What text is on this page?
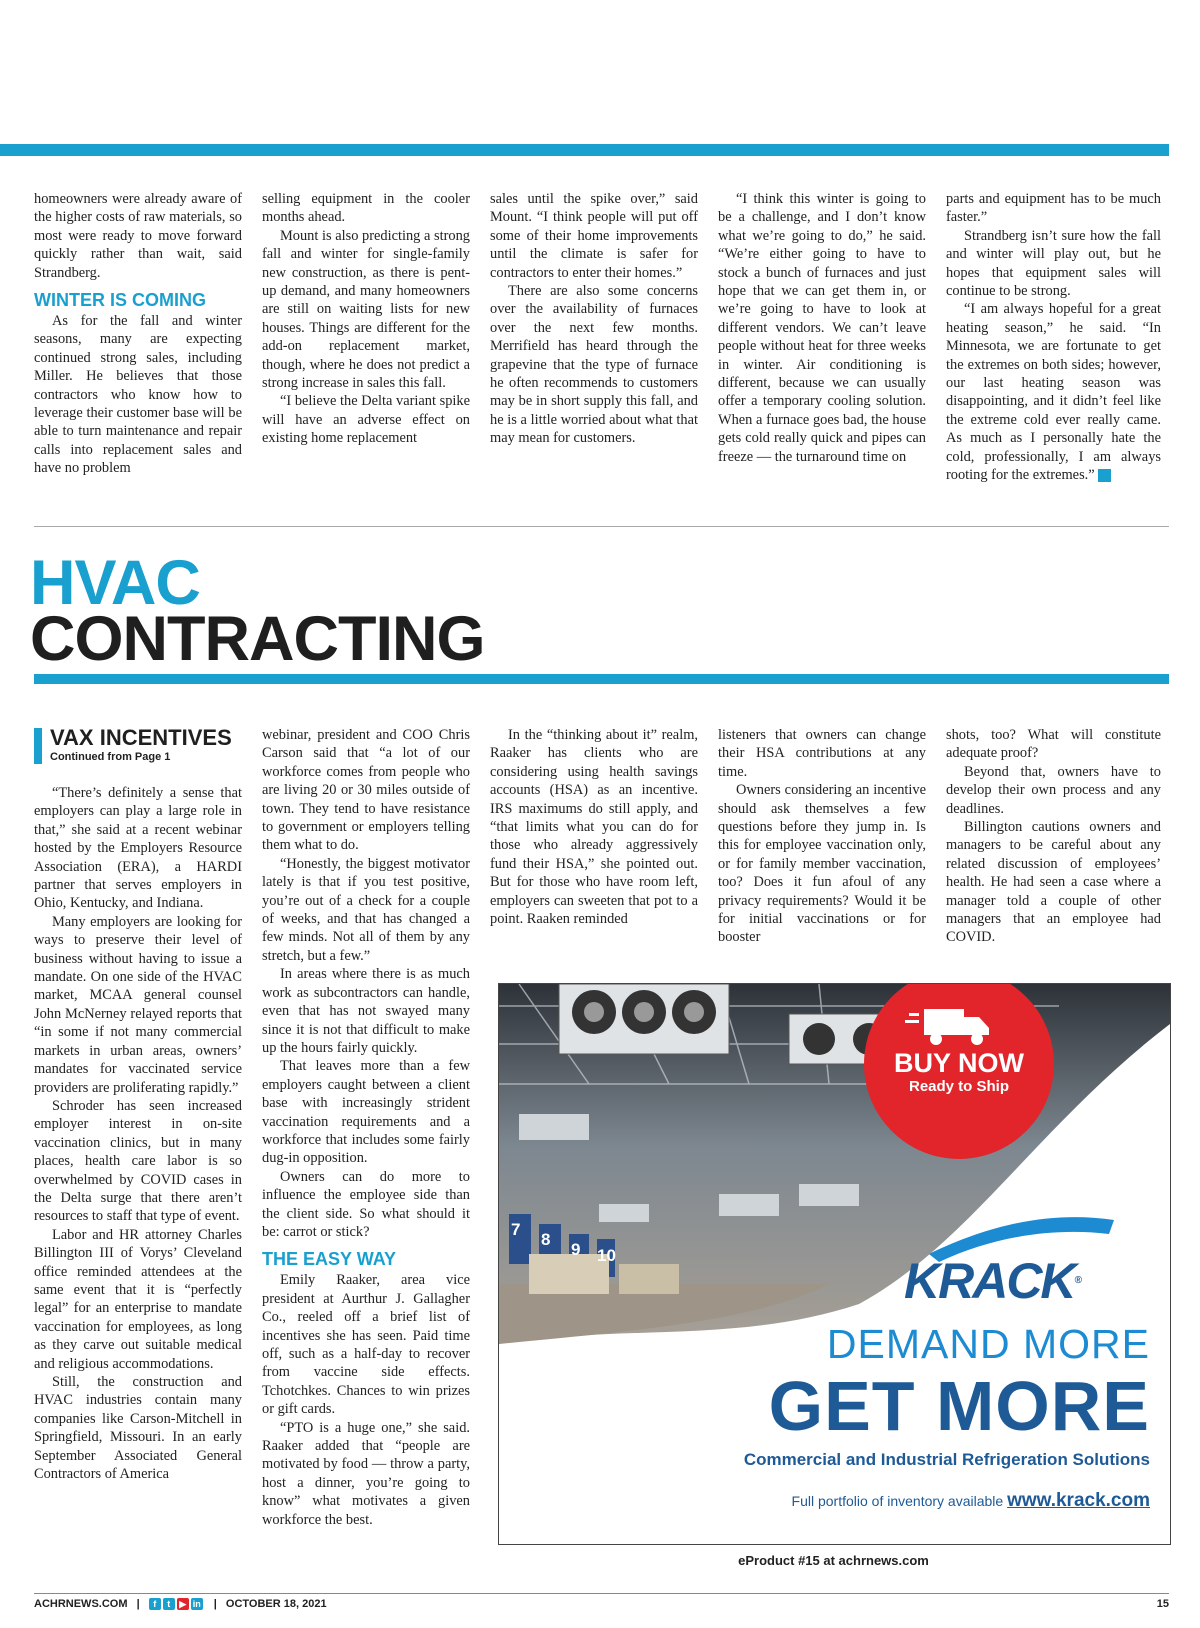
homeowners were already aware of the higher costs of raw materials, so most were ready to move forward quickly rather than wait, said Strandberg.

WINTER IS COMING

As for the fall and winter seasons, many are expecting continued strong sales, including Miller. He believes that those contractors who know how to leverage their customer base will be able to turn maintenance and repair calls into replacement sales and have no problem

selling equipment in the cooler months ahead.

Mount is also predicting a strong fall and winter for single-family new construction, as there is pent-up demand, and many homeowners are still on waiting lists for new houses. Things are different for the add-on replacement market, though, where he does not predict a strong increase in sales this fall.

“I believe the Delta variant spike will have an adverse effect on existing home replacement

sales until the spike over,” said Mount. “I think people will put off some of their home improvements until the climate is safer for contractors to enter their homes.”

There are also some concerns over the availability of furnaces over the next few months. Merrifield has heard through the grapevine that the type of furnace he often recommends to customers may be in short supply this fall, and he is a little worried about what that may mean for customers.

“I think this winter is going to be a challenge, and I don’t know what we’re going to do,” he said. “We’re either going to have to stock a bunch of furnaces and just hope that we can get them in, or we’re going to have to look at different vendors. We can’t leave people without heat for three weeks in winter. Air conditioning is different, because we can usually offer a temporary cooling solution. When a furnace goes bad, the house gets cold really quick and pipes can freeze — the turnaround time on

parts and equipment has to be much faster.”

Strandberg isn’t sure how the fall and winter will play out, but he hopes that equipment sales will continue to be strong.

“I am always hopeful for a great heating season,” he said. “In Minnesota, we are fortunate to get the extremes on both sides; however, our last heating season was disappointing, and it didn’t feel like the extreme cold ever really came. As much as I personally hate the cold, professionally, I am always rooting for the extremes.” N

HVAC
CONTRACTING
VAX INCENTIVES
Continued from Page 1

“There’s definitely a sense that employers can play a large role in that,” she said at a recent webinar hosted by the Employers Resource Association (ERA), a HARDI partner that serves employers in Ohio, Kentucky, and Indiana.

Many employers are looking for ways to preserve their level of business without having to issue a mandate. On one side of the HVAC market, MCAA general counsel John McNerney relayed reports that “in some if not many commercial markets in urban areas, owners’ mandates for vaccinated service providers are proliferating rapidly.”

Schroder has seen increased employer interest in on-site vaccination clinics, but in many places, health care labor is so overwhelmed by COVID cases in the Delta surge that there aren’t resources to staff that type of event.

Labor and HR attorney Charles Billington III of Vorys’ Cleveland office reminded attendees at the same event that it is “perfectly legal” for an enterprise to mandate vaccination for employees, as long as they carve out suitable medical and religious accommodations.

Still, the construction and HVAC industries contain many companies like Carson-Mitchell in Springfield, Missouri. In an early September Associated General Contractors of America

webinar, president and COO Chris Carson said that “a lot of our workforce comes from people who are living 20 or 30 miles outside of town. They tend to have resistance to government or employers telling them what to do.

“Honestly, the biggest motivator lately is that if you test positive, you’re out of a check for a couple of weeks, and that has changed a few minds. Not all of them by any stretch, but a few.”

In areas where there is as much work as subcontractors can handle, even that has not swayed many since it is not that difficult to make up the hours fairly quickly.

That leaves more than a few employers caught between a client base with increasingly strident vaccination requirements and a workforce that includes some fairly dug-in opposition.

Owners can do more to influence the employee side than the client side. So what should it be: carrot or stick?

THE EASY WAY

Emily Raaker, area vice president at Aurthur J. Gallagher Co., reeled off a brief list of incentives she has seen. Paid time off, such as a half-day to recover from vaccine side effects. Tchotchkes. Chances to win prizes or gift cards.

“PTO is a huge one,” she said. Raaker added that “people are motivated by food — throw a party, host a dinner, you’re going to know” what motivates a given workforce the best.

In the “thinking about it” realm, Raaker has clients who are considering using health savings accounts (HSA) as an incentive. IRS maximums do still apply, and “that limits what you can do for those who already aggressively fund their HSA,” she pointed out. But for those who have room left, employers can sweeten that pot to a point. Raaken reminded

listeners that owners can change their HSA contributions at any time.

Owners considering an incentive should ask themselves a few questions before they jump in. Is this for employee vaccination only, or for family member vaccination, too? Does it fun afoul of any privacy requirements? Would it be for initial vaccinations or for booster

shots, too? What will constitute adequate proof?

Beyond that, owners have to develop their own process and any deadlines.

Billington cautions owners and managers to be careful about any related discussion of employees’ health. He had seen a case where a manager told a couple of other managers that an employee had COVID.

BUY NOW
Ready to Ship
7
8
9 10	KRACK®
DEMAND MORE
GET MORE
Commercial and Industrial Refrigeration Solutions
Full portfolio of inventory available www.krack.com
eProduct #15 at achrnews.com
ACHRNEWS.COM | f t ▶ in | OCTOBER 18, 2021	15
